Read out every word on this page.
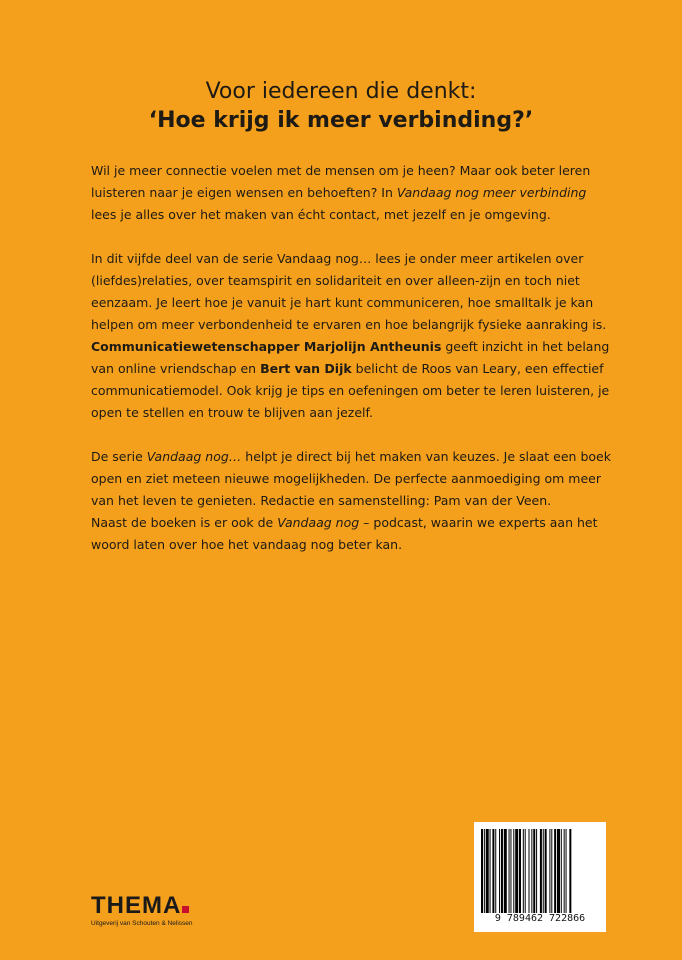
Voor iedereen die denkt:
‘Hoe krijg ik meer verbinding?’

Wil je meer connectie voelen met de mensen om je heen? Maar ook beter leren luisteren naar je eigen wensen en behoeften? In Vandaag nog meer verbinding lees je alles over het maken van écht contact, met jezelf en je omgeving.

In dit vijfde deel van de serie Vandaag nog… lees je onder meer artikelen over (liefdes)relaties, over teamspirit en solidariteit en over alleen-zijn en toch niet eenzaam. Je leert hoe je vanuit je hart kunt communiceren, hoe smalltalk je kan helpen om meer verbondenheid te ervaren en hoe belangrijk fysieke aanraking is. Communicatiewetenschapper Marjolijn Antheunis geeft inzicht in het belang van online vriendschap en Bert van Dijk belicht de Roos van Leary, een effectief communicatiemodel. Ook krijg je tips en oefeningen om beter te leren luisteren, je open te stellen en trouw te blijven aan jezelf.

De serie Vandaag nog… helpt je direct bij het maken van keuzes. Je slaat een boek open en ziet meteen nieuwe mogelijkheden. De perfecte aanmoediging om meer van het leven te genieten. Redactie en samenstelling: Pam van der Veen.

Naast de boeken is er ook de Vandaag nog – podcast, waarin we experts aan het woord laten over hoe het vandaag nog beter kan.

THEMA
Uitgeverij van Schouten & Nelissen	9 789462 722866
